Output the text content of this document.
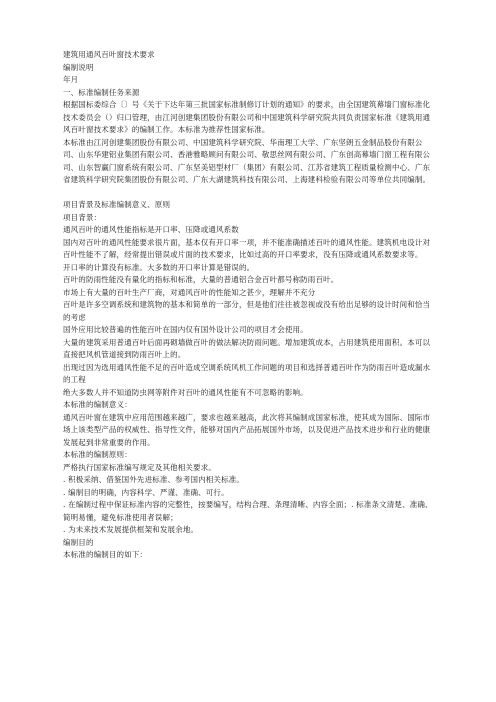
建筑用通风百叶窗技术要求
编制说明
年月
一、标准编制任务来源
根据国标委综合〔〕号《关于下达年第三批国家标准制修订计划的通知》的要求，由全国建筑幕墙门窗标准化技术委员会（）归口管理，由江河创建集团股份有限公司和中国建筑科学研究院共同负责国家标准《建筑用通风百叶窗技术要求》的编制工作。本标准为推荐性国家标准。
本标准由江河创建集团股份有限公司、中国建筑科学研究院、华南理工大学、广东坚朗五金制品股份有限公司、山东华建铝业集团有限公司、香港雅略顾问有限公司、敬思丝网有限公司、广东创高幕墙门窗工程有限公司、山东智赢门窗系统有限公司、广东坚美铝型材厂（集团）有限公司、江苏省建筑工程质量检测中心、广东省建筑科学研究院集团股份有限公司、广东大湖建筑科技有限公司、上海建科检验有限公司等单位共同编制。
项目背景及标准编制意义、原则
项目背景：
通风百叶的通风性能指标是开口率、压降或通风系数
国内对百叶的通风性能要求很片面，基本仅有开口率一项，并不能准确描述百叶的通风性能。建筑机电设计对百叶性能不了解，经常提出错误或片面的技术要求，比如过高的开口率要求，没有压降或通风系数要求等。
开口率的计算没有标准。大多数的开口率计算是错误的。
百叶的防雨性能没有量化的指标和标准，大量的普通铝合金百叶都号称防雨百叶。
市场上有大量的百叶生产厂商，对通风百叶的性能知之甚少，理解并不充分
百叶是许多空调系统和建筑物的基本和简单的一部分，但是他们往往被忽视或没有给出足够的设计时间和恰当的考虑
国外应用比较普遍的性能百叶在国内仅有国外设计公司的项目才会使用。
大量的建筑采用普通百叶后面再砌墙做百叶的做法解决防雨问题。增加建筑成本，占用建筑使用面积。本可以直接把风机管道接到防雨百叶上的。
出现过因为选用通风性能不足的百叶造成空调系统风机工作问题的项目和选择普通百叶作为防雨百叶造成漏水的工程
绝大多数人并不知道防虫网等附件对百叶的通风性能有不可忽略的影响。
本标准的编制意义：
通风百叶窗在建筑中应用范围越来越广，要求也越来越高，此次将其编制成国家标准，使其成为国际、国际市场上该类型产品的权威性、指导性文件，能够对国内产品拓展国外市场，以及促进产品技术进步和行业的健康发展起到非常重要的作用。
本标准的编制原则：
严格执行国家标准编写规定及其他相关要求。
. 积极采纳、借鉴国外先进标准、参考国内相关标准。
. 编制目的明确，内容科学、严谨、准确、可行。
. 在编制过程中保证标准内容的完整性，按要编写，结构合理、条理清晰、内容全面；. 标准条文清楚、准确、简明易懂，避免标准使用者误解；
. 为未来技术发展提供框架和发展余地。
编制目的
本标准的编制目的如下：
